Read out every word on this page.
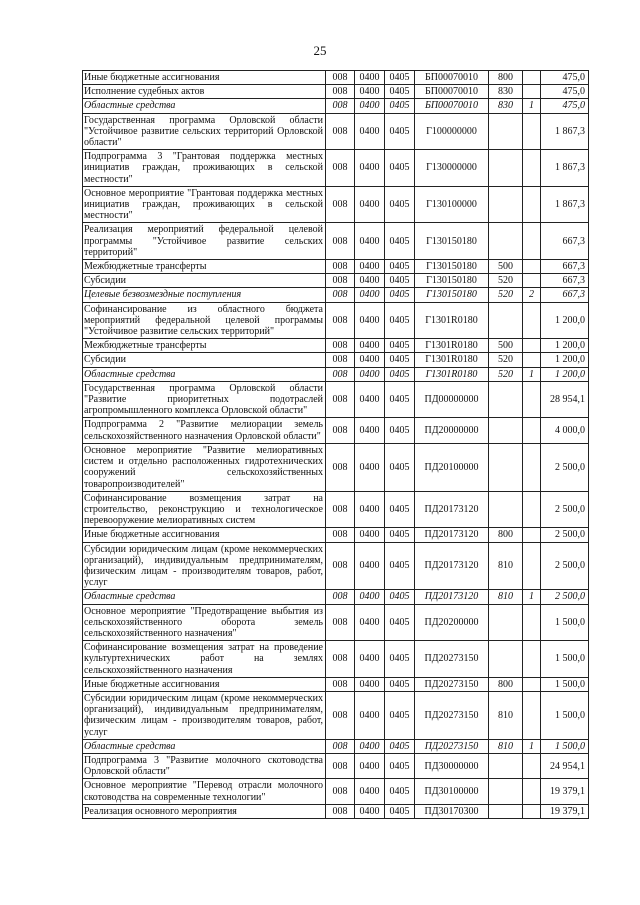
25
Иные бюджетные ассигнования	008	0400	0405	БП00070010	800		475,0
Исполнение судебных актов	008	0400	0405	БП00070010	830		475,0
Областные средства	008	0400	0405	БП00070010	830	1	475,0
Государственная программа Орловской области "Устойчивое развитие сельских территорий Орловской области"	008	0400	0405	Г100000000			1 867,3
Подпрограмма 3 "Грантовая поддержка местных инициатив граждан, проживающих в сельской местности"	008	0400	0405	Г130000000			1 867,3
Основное мероприятие "Грантовая поддержка местных инициатив граждан, проживающих в сельской местности"	008	0400	0405	Г130100000			1 867,3
Реализация мероприятий федеральной целевой программы "Устойчивое развитие сельских территорий"	008	0400	0405	Г130150180			667,3
Межбюджетные трансферты	008	0400	0405	Г130150180	500		667,3
Субсидии	008	0400	0405	Г130150180	520		667,3
Целевые безвозмездные поступления	008	0400	0405	Г130150180	520	2	667,3
Софинансирование из областного бюджета мероприятий федеральной целевой программы "Устойчивое развитие сельских территорий"	008	0400	0405	Г1301R0180			1 200,0
Межбюджетные трансферты	008	0400	0405	Г1301R0180	500		1 200,0
Субсидии	008	0400	0405	Г1301R0180	520		1 200,0
Областные средства	008	0400	0405	Г1301R0180	520	1	1 200,0
Государственная программа Орловской области "Развитие приоритетных подотраслей агропромышленного комплекса Орловской области"	008	0400	0405	ПД00000000			28 954,1
Подпрограмма 2 "Развитие мелиорации земель сельскохозяйственного назначения Орловской области"	008	0400	0405	ПД20000000			4 000,0
Основное мероприятие "Развитие мелиоративных систем и отдельно расположенных гидротехнических сооружений сельскохозяйственных товаропроизводителей"	008	0400	0405	ПД20100000			2 500,0
Софинансирование возмещения затрат на строительство, реконструкцию и технологическое перевооружение мелиоративных систем	008	0400	0405	ПД20173120			2 500,0
Иные бюджетные ассигнования	008	0400	0405	ПД20173120	800		2 500,0
Субсидии юридическим лицам (кроме некоммерческих организаций), индивидуальным предпринимателям, физическим лицам - производителям товаров, работ, услуг	008	0400	0405	ПД20173120	810		2 500,0
Областные средства	008	0400	0405	ПД20173120	810	1	2 500,0
Основное мероприятие "Предотвращение выбытия из сельскохозяйственного оборота земель сельскохозяйственного назначения"	008	0400	0405	ПД20200000			1 500,0
Софинансирование возмещения затрат на проведение культуртехнических работ на землях сельскохозяйственного назначения	008	0400	0405	ПД20273150			1 500,0
Иные бюджетные ассигнования	008	0400	0405	ПД20273150	800		1 500,0
Субсидии юридическим лицам (кроме некоммерческих организаций), индивидуальным предпринимателям, физическим лицам - производителям товаров, работ, услуг	008	0400	0405	ПД20273150	810		1 500,0
Областные средства	008	0400	0405	ПД20273150	810	1	1 500,0
Подпрограмма 3 "Развитие молочного скотоводства Орловской области"	008	0400	0405	ПД30000000			24 954,1
Основное мероприятие "Перевод отрасли молочного скотоводства на современные технологии"	008	0400	0405	ПД30100000			19 379,1
Реализация основного мероприятия	008	0400	0405	ПД30170300			19 379,1
